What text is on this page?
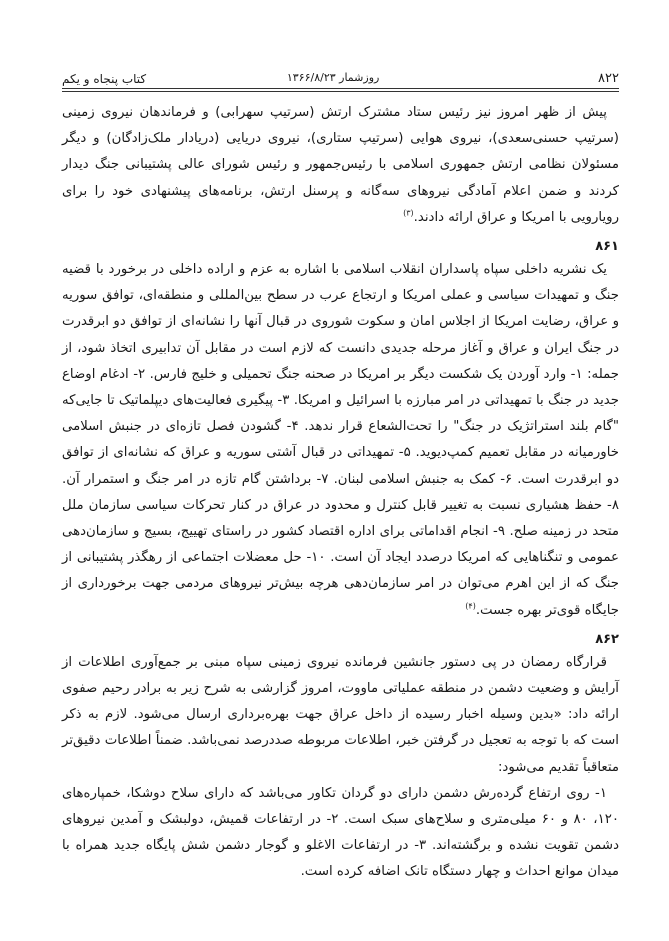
۸۲۲
روزشمار ۱۳۶۶/۸/۲۳
کتاب پنجاه و یکم

پیش از ظهر امروز نیز رئیس ستاد مشترک ارتش (سرتیپ سهرابی) و فرماندهان نیروی زمینی (سرتیپ حسنی‌سعدی)، نیروی هوایی (سرتیپ ستاری)، نیروی دریایی (دریادار ملک‌زادگان) و دیگر مسئولان نظامی ارتش جمهوری اسلامی با رئیس‌جمهور و رئیس شورای عالی پشتیبانی جنگ دیدار کردند و ضمن اعلام آمادگی نیروهای سه‌گانه و پرسنل ارتش، برنامه‌های پیشنهادی خود را برای رویارویی با امریکا و عراق ارائه دادند.$^{(۳)}$

۸۶۱

یک نشریه داخلی سپاه پاسداران انقلاب اسلامی با اشاره به عزم و اراده داخلی در برخورد با قضیه جنگ و تمهیدات سیاسی و عملی امریکا و ارتجاع عرب در سطح بین‌المللی و منطقه‌ای، توافق سوریه و عراق، رضایت امریکا از اجلاس امان و سکوت شوروی در قبال آنها را نشانه‌ای از توافق دو ابرقدرت در جنگ ایران و عراق و آغاز مرحله جدیدی دانست که لازم است در مقابل آن تدابیری اتخاذ شود، از جمله: ۱- وارد آوردن یک شکست دیگر بر امریکا در صحنه جنگ تحمیلی و خلیج فارس. ۲- ادغام اوضاع جدید در جنگ با تمهیداتی در امر مبارزه با اسرائیل و امریکا. ۳- پیگیری فعالیت‌های دیپلماتیک تا جایی‌که "گام بلند استراتژیک در جنگ" را تحت‌الشعاع قرار ندهد. ۴- گشودن فصل تازه‌ای در جنبش اسلامی خاورمیانه در مقابل تعمیم کمپ‌دیوید. ۵- تمهیداتی در قبال آشتی سوریه و عراق که نشانه‌ای از توافق دو ابرقدرت است. ۶- کمک به جنبش اسلامی لبنان. ۷- برداشتن گام تازه در امر جنگ و استمرار آن. ۸- حفظ هشیاری نسبت به تغییر قابل کنترل و محدود در عراق در کنار تحرکات سیاسی سازمان ملل متحد در زمینه صلح. ۹- انجام اقداماتی برای اداره اقتصاد کشور در راستای تهییج، بسیج و سازمان‌دهی عمومی و تنگناهایی که امریکا درصدد ایجاد آن است. ۱۰- حل معضلات اجتماعی از رهگذر پشتیبانی از جنگ که از این اهرم می‌توان در امر سازمان‌دهی هرچه بیش‌تر نیروهای مردمی جهت برخورداری از جایگاه قوی‌تر بهره جست.$^{(۴)}$

۸۶۲

قرارگاه رمضان در پی دستور جانشین فرمانده نیروی زمینی سپاه مبنی بر جمع‌آوری اطلاعات از آرایش و وضعیت دشمن در منطقه عملیاتی ماووت، امروز گزارشی به شرح زیر به برادر رحیم صفوی ارائه داد: «بدین وسیله اخبار رسیده از داخل عراق جهت بهره‌برداری ارسال می‌شود. لازم به ذکر است که با توجه به تعجیل در گرفتن خبر، اطلاعات مربوطه صددرصد نمی‌باشد. ضمناً اطلاعات دقیق‌تر متعاقباً تقدیم می‌شود:

۱- روی ارتفاع گرده‌رش دشمن دارای دو گردان تکاور می‌باشد که دارای سلاح دوشکا، خمپاره‌های ۱۲۰، ۸۰ و ۶۰ میلی‌متری و سلاح‌های سبک است. ۲- در ارتفاعات قمیش، دولبشک و آمدین نیروهای دشمن تقویت نشده و برگشته‌اند. ۳- در ارتفاعات الاغلو و گوجار دشمن شش پایگاه جدید همراه با میدان موانع احداث و چهار دستگاه تانک اضافه کرده است.
